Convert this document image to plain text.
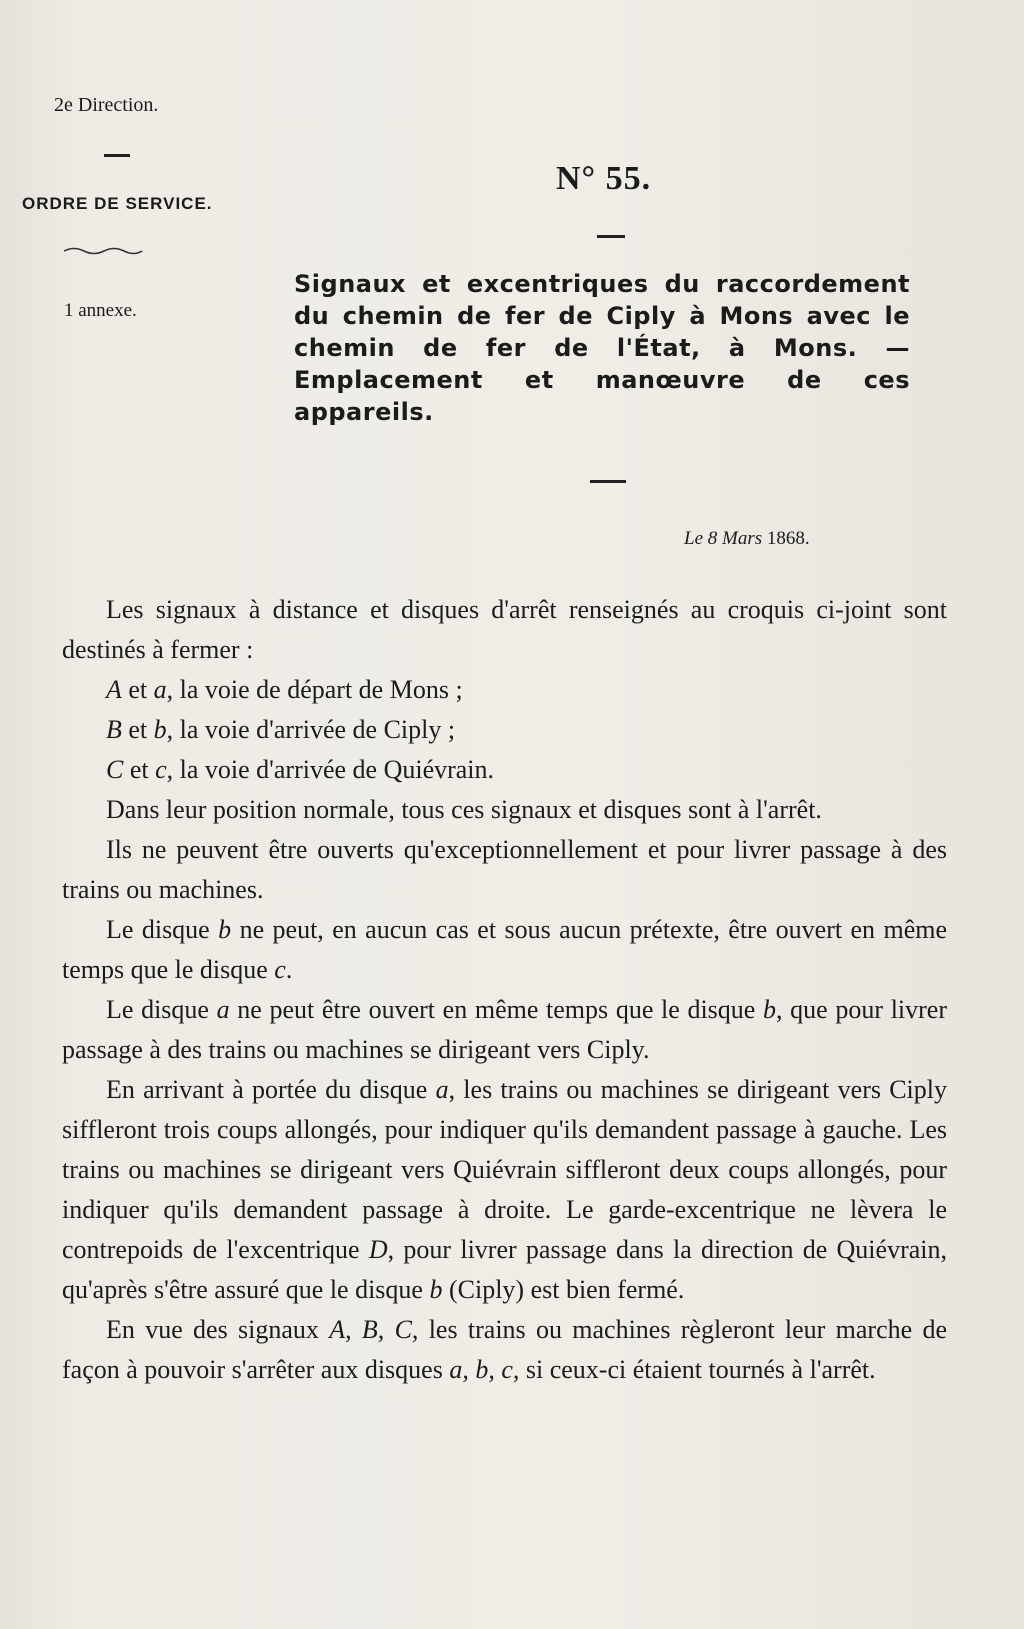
2e Direction.
ORDRE DE SERVICE.
1 annexe.
N° 55.
Signaux et excentriques du raccordement du chemin de fer de Ciply à Mons avec le chemin de fer de l'État, à Mons. — Emplacement et manœuvre de ces appareils.
Le 8 Mars 1868.

Les signaux à distance et disques d'arrêt renseignés au croquis ci-joint sont destinés à fermer :

A et a, la voie de départ de Mons ;

B et b, la voie d'arrivée de Ciply ;

C et c, la voie d'arrivée de Quiévrain.

Dans leur position normale, tous ces signaux et disques sont à l'arrêt.

Ils ne peuvent être ouverts qu'exceptionnellement et pour livrer passage à des trains ou machines.

Le disque b ne peut, en aucun cas et sous aucun prétexte, être ouvert en même temps que le disque c.

Le disque a ne peut être ouvert en même temps que le disque b, que pour livrer passage à des trains ou machines se dirigeant vers Ciply.

En arrivant à portée du disque a, les trains ou machines se dirigeant vers Ciply siffleront trois coups allongés, pour indiquer qu'ils demandent passage à gauche. Les trains ou machines se dirigeant vers Quiévrain siffleront deux coups allongés, pour indiquer qu'ils demandent passage à droite. Le garde-excentrique ne lèvera le contrepoids de l'excentrique D, pour livrer passage dans la direction de Quiévrain, qu'après s'être assuré que le disque b (Ciply) est bien fermé.

En vue des signaux A, B, C, les trains ou machines règleront leur marche de façon à pouvoir s'arrêter aux disques a, b, c, si ceux-ci étaient tournés à l'arrêt.
